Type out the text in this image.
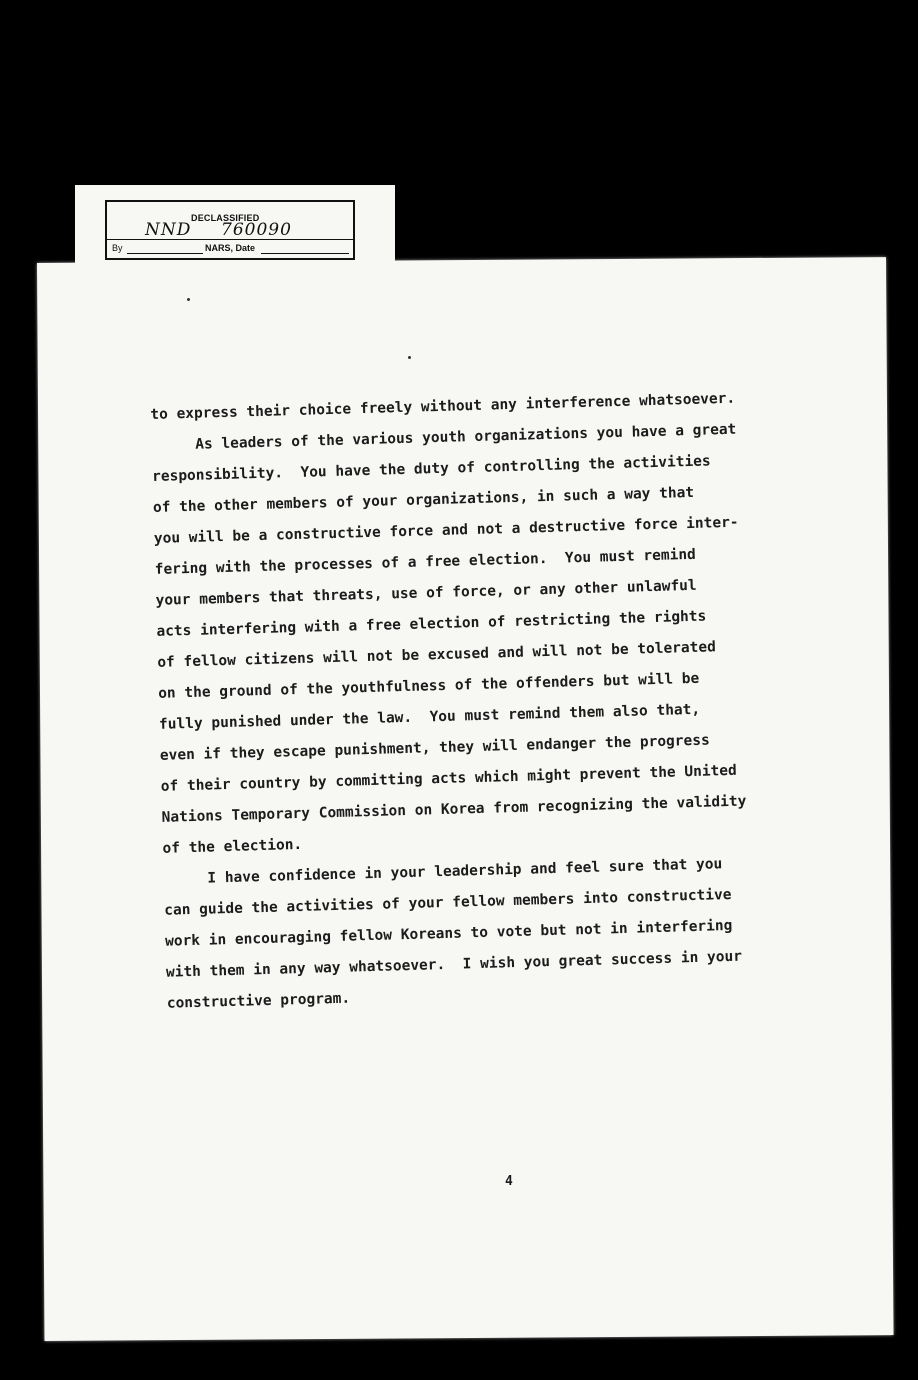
DECLASSIFIED
NND 760090
By	NARS, Date
to express their choice freely without any interference whatsoever.
As leaders of the various youth organizations you have a great
responsibility.  You have the duty of controlling the activities
of the other members of your organizations, in such a way that
you will be a constructive force and not a destructive force inter-
fering with the processes of a free election.  You must remind
your members that threats, use of force, or any other unlawful
acts interfering with a free election of restricting the rights
of fellow citizens will not be excused and will not be tolerated
on the ground of the youthfulness of the offenders but will be
fully punished under the law.  You must remind them also that,
even if they escape punishment, they will endanger the progress
of their country by committing acts which might prevent the United
Nations Temporary Commission on Korea from recognizing the validity
of the election.
I have confidence in your leadership and feel sure that you
can guide the activities of your fellow members into constructive
work in encouraging fellow Koreans to vote but not in interfering
with them in any way whatsoever.  I wish you great success in your
constructive program.
4
